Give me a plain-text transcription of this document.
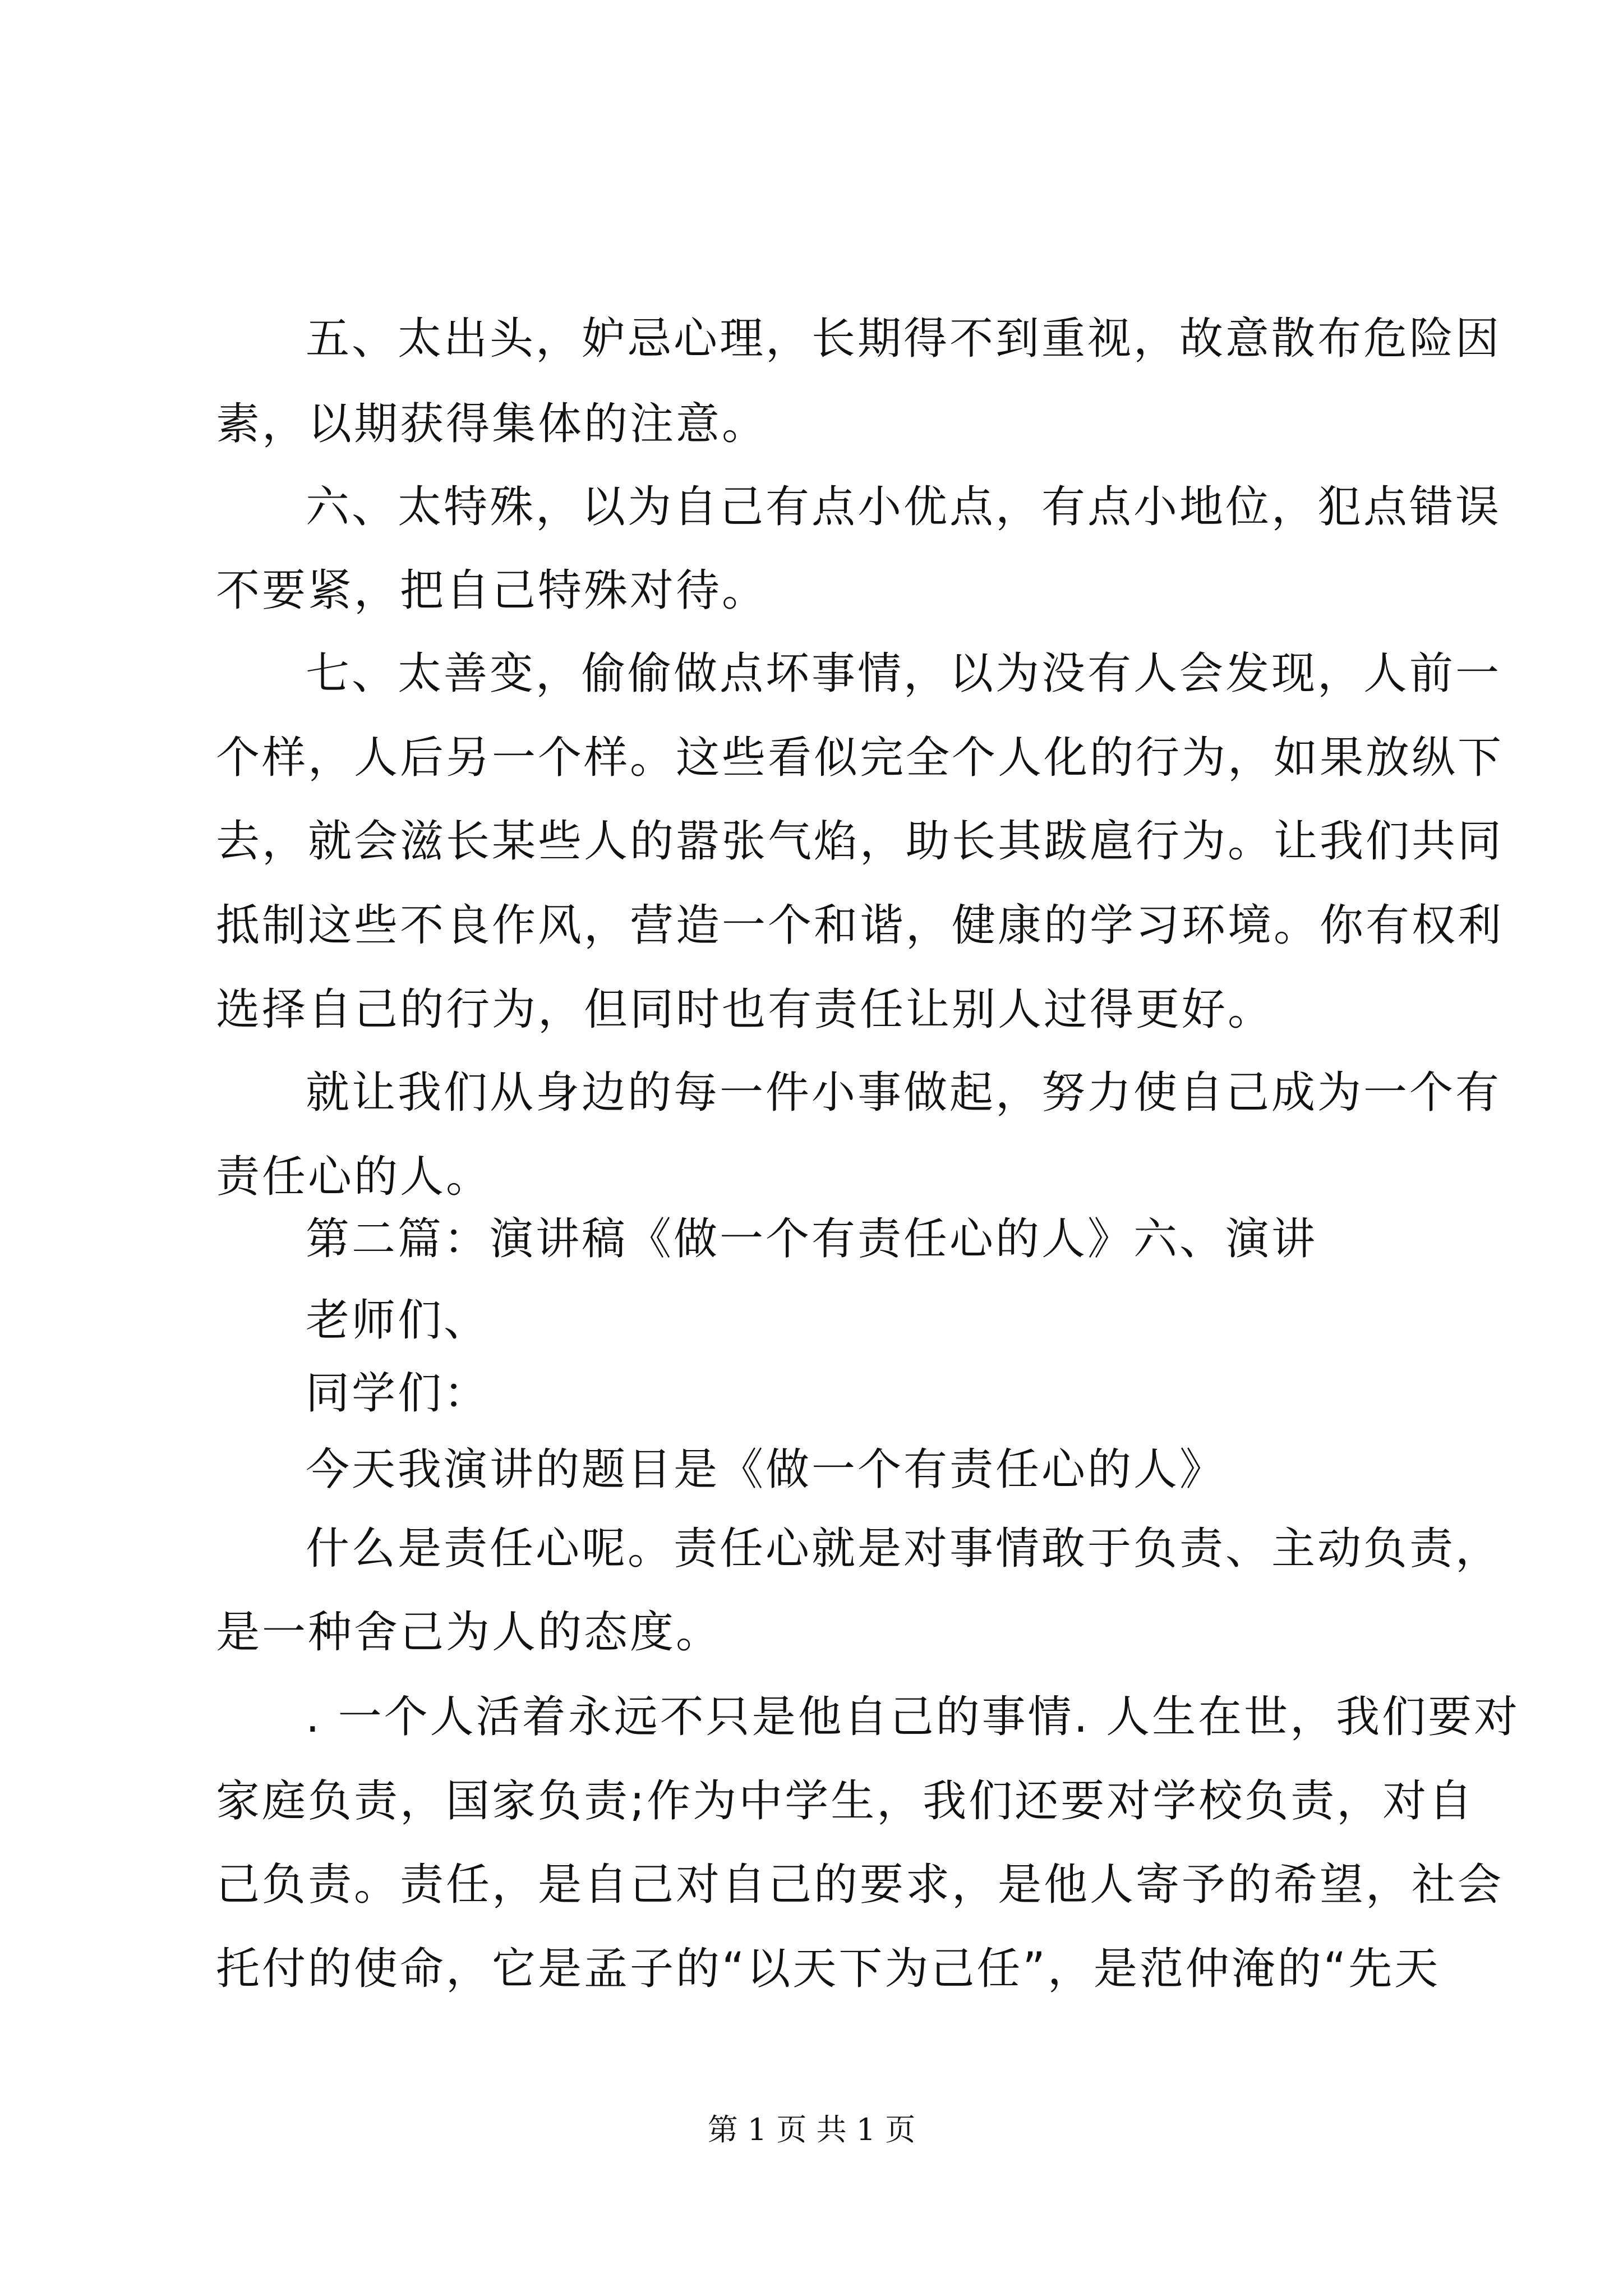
五、太出头，妒忌心理，长期得不到重视，故意散布危险因
素，以期获得集体的注意。
六、太特殊，以为自己有点小优点，有点小地位，犯点错误
不要紧，把自己特殊对待。
七、太善变，偷偷做点坏事情，以为没有人会发现，人前一
个样，人后另一个样。这些看似完全个人化的行为，如果放纵下
去，就会滋长某些人的嚣张气焰，助长其跋扈行为。让我们共同
抵制这些不良作风，营造一个和谐，健康的学习环境。你有权利
选择自己的行为，但同时也有责任让别人过得更好。
就让我们从身边的每一件小事做起，努力使自己成为一个有
责任心的人。
第二篇：演讲稿《做一个有责任心的人》六、演讲
老师们、
同学们：
今天我演讲的题目是《做一个有责任心的人》
什么是责任心呢。责任心就是对事情敢于负责、主动负责，
是一种舍己为人的态度。
. 一个人活着永远不只是他自己的事情. 人生在世，我们要对
家庭负责，国家负责;作为中学生，我们还要对学校负责，对自
己负责。责任，是自己对自己的要求，是他人寄予的希望，社会
托付的使命，它是孟子的“以天下为己任”，是范仲淹的“先天
第 1 页 共 1 页
